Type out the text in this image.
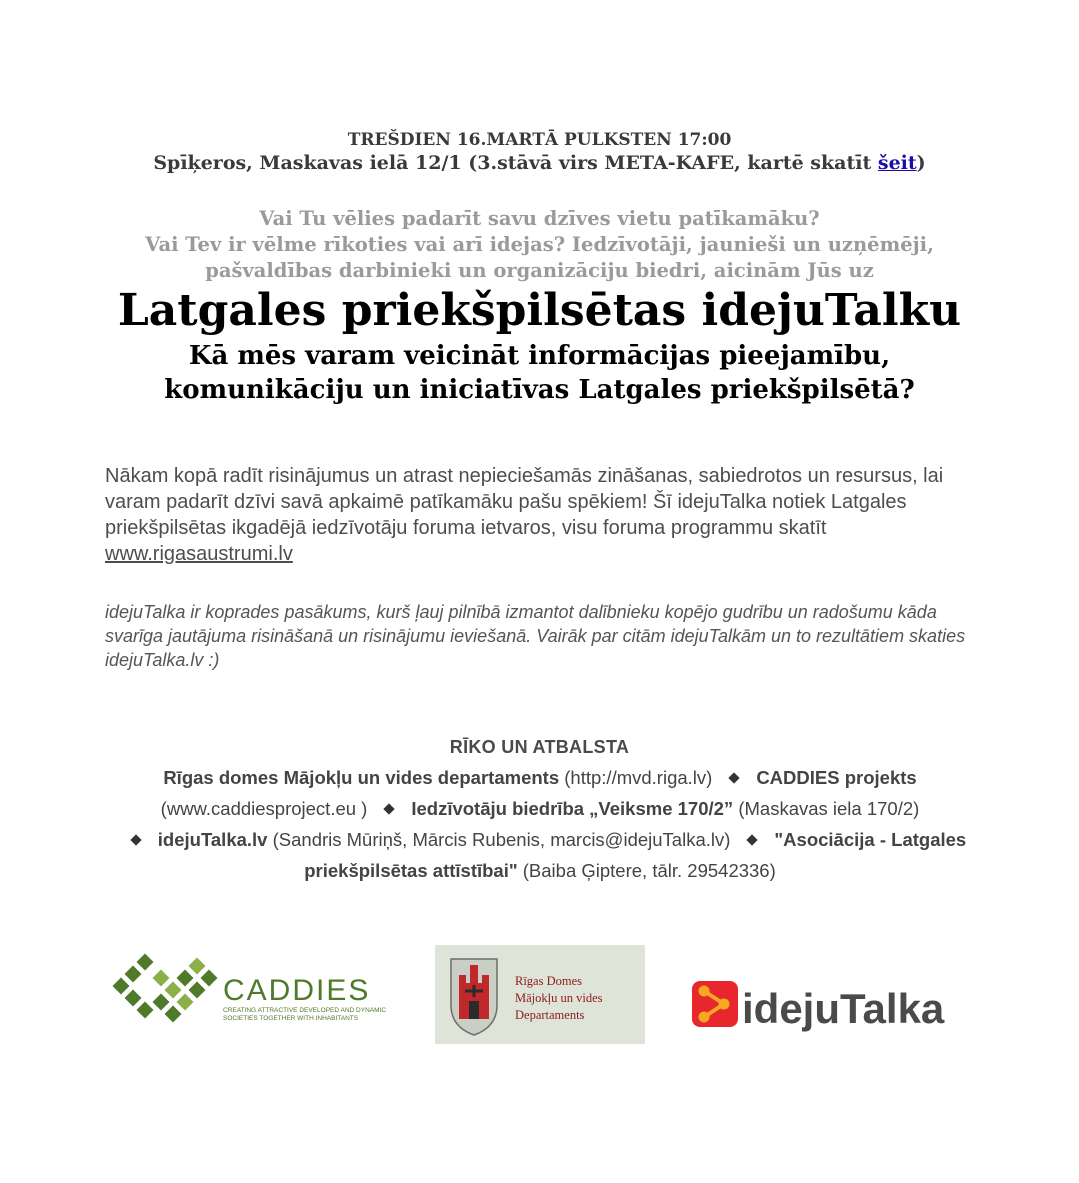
TREŠDIEN 16.MARTĀ PULKSTEN 17:00
Spīķeros, Maskavas ielā 12/1 (3.stāvā virs META-KAFE, kartē skatīt šeit)
Vai Tu vēlies padarīt savu dzīves vietu patīkamāku?
Vai Tev ir vēlme rīkoties vai arī idejas? Iedzīvotāji, jaunieši un uzņēmēji,
pašvaldības darbinieki un organizāciju biedri, aicinām Jūs uz
Latgales priekšpilsētas idejuTalku
Kā mēs varam veicināt informācijas pieejamību,
komunikāciju un iniciatīvas Latgales priekšpilsētā?
Nākam kopā radīt risinājumus un atrast nepieciešamās zināšanas, sabiedrotos un resursus, lai varam padarīt dzīvi savā apkaimē patīkamāku pašu spēkiem! Šī idejuTalka notiek Latgales priekšpilsētas ikgadējā iedzīvotāju foruma ietvaros, visu foruma programmu skatīt www.rigasaustrumi.lv
idejuTalka ir koprades pasākums, kurš ļauj pilnībā izmantot dalībnieku kopējo gudrību un radošumu kāda svarīga jautājuma risināšanā un risinājumu ieviešanā. Vairāk par citām idejuTalkām un to rezultātiem skaties idejuTalka.lv :)
RĪKO UN ATBALSTA
Rīgas domes Mājokļu un vides departaments (http://mvd.riga.lv) CADDIES projekts (www.caddiesproject.eu ) Iedzīvotāju biedrība „Veiksme 170/2” (Maskavas iela 170/2)
idejuTalka.lv (Sandris Mūriņš, Mārcis Rubenis, marcis@idejuTalka.lv) "Asociācija - Latgales priekšpilsētas attīstībai" (Baiba Ģiptere, tālr. 29542336)
CADDIES
CREATING ATTRACTIVE DEVELOPED AND DYNAMIC
SOCIETIES TOGETHER WITH INHABITANTS
Rīgas Domes
Mājokļu un vides
Departaments	idejuTalka
